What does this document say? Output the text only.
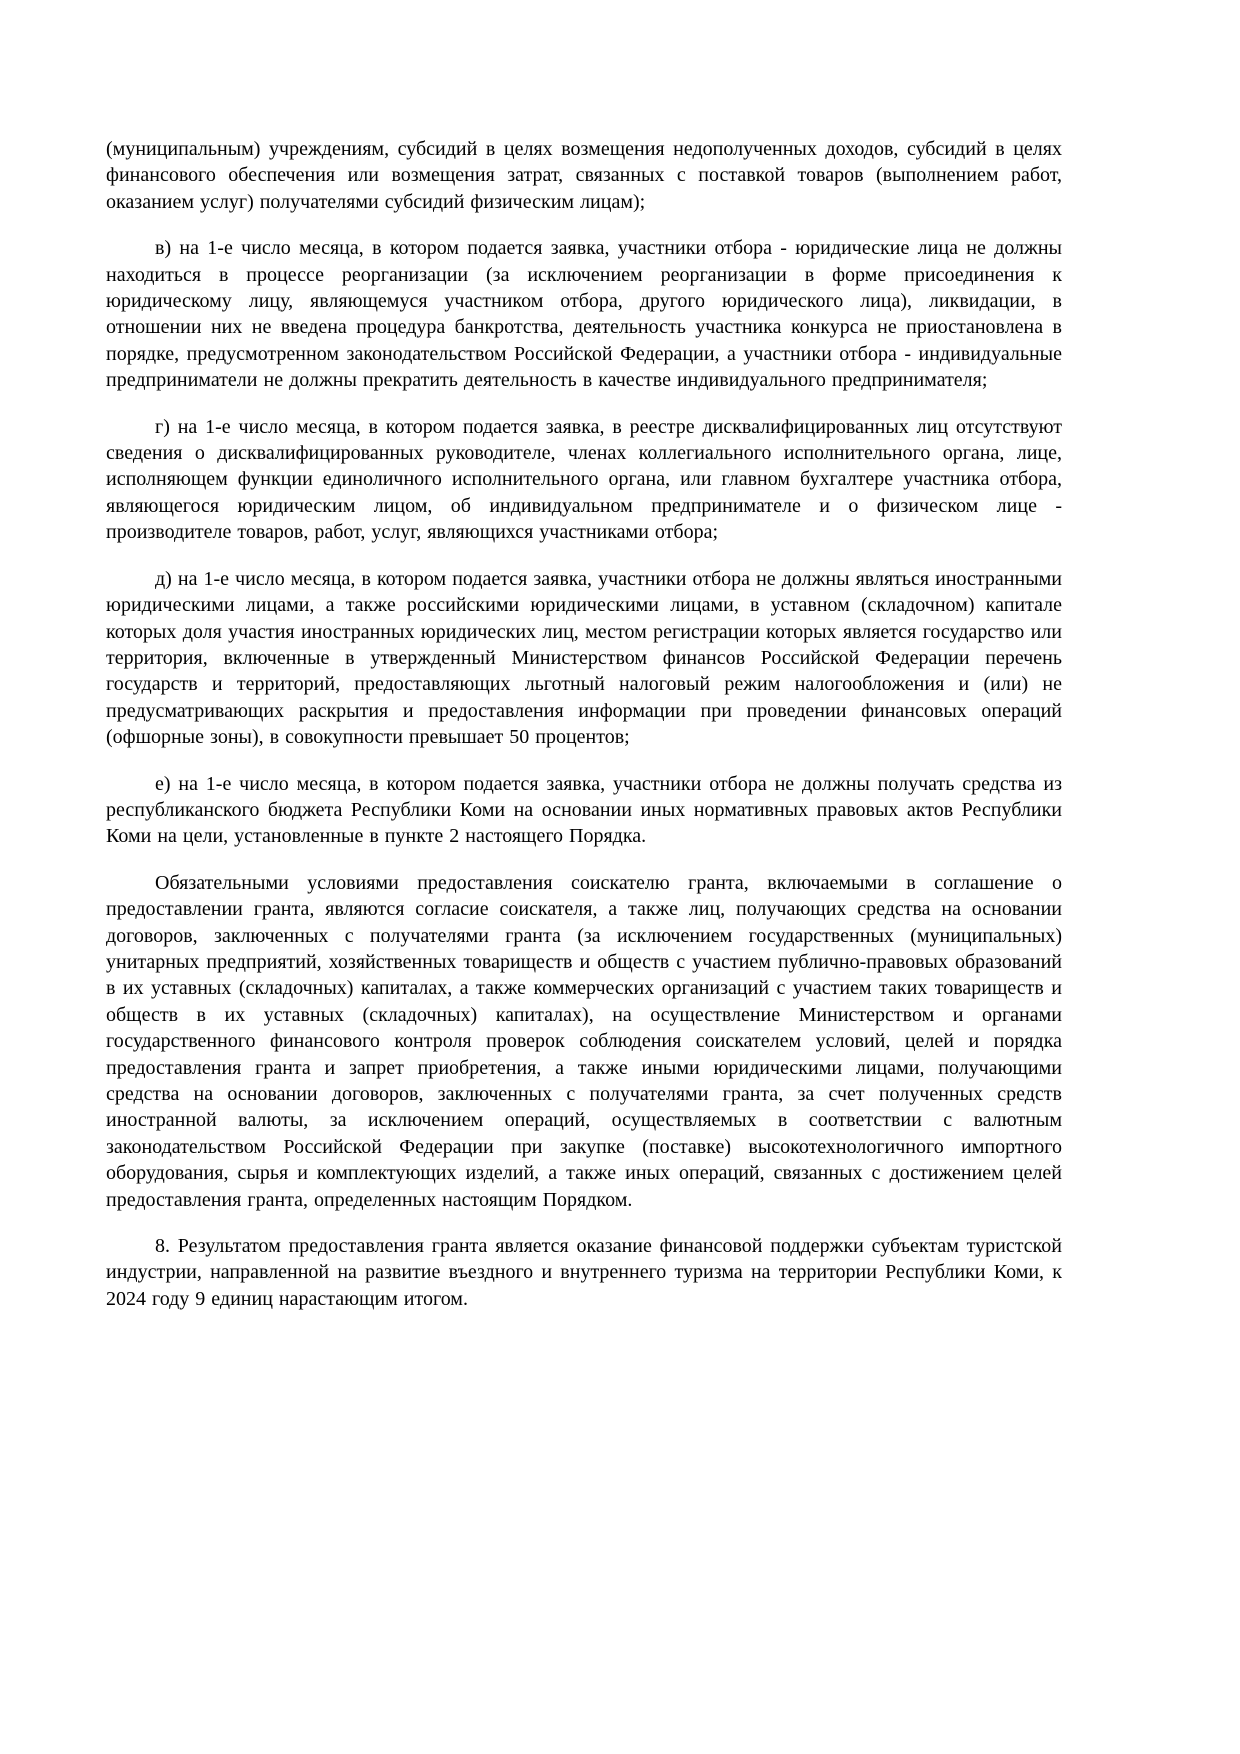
(муниципальным) учреждениям, субсидий в целях возмещения недополученных доходов, субсидий в целях финансового обеспечения или возмещения затрат, связанных с поставкой товаров (выполнением работ, оказанием услуг) получателями субсидий физическим лицам);

в) на 1-е число месяца, в котором подается заявка, участники отбора - юридические лица не должны находиться в процессе реорганизации (за исключением реорганизации в форме присоединения к юридическому лицу, являющемуся участником отбора, другого юридического лица), ликвидации, в отношении них не введена процедура банкротства, деятельность участника конкурса не приостановлена в порядке, предусмотренном законодательством Российской Федерации, а участники отбора - индивидуальные предприниматели не должны прекратить деятельность в качестве индивидуального предпринимателя;

г) на 1-е число месяца, в котором подается заявка, в реестре дисквалифицированных лиц отсутствуют сведения о дисквалифицированных руководителе, членах коллегиального исполнительного органа, лице, исполняющем функции единоличного исполнительного органа, или главном бухгалтере участника отбора, являющегося юридическим лицом, об индивидуальном предпринимателе и о физическом лице - производителе товаров, работ, услуг, являющихся участниками отбора;

д) на 1-е число месяца, в котором подается заявка, участники отбора не должны являться иностранными юридическими лицами, а также российскими юридическими лицами, в уставном (складочном) капитале которых доля участия иностранных юридических лиц, местом регистрации которых является государство или территория, включенные в утвержденный Министерством финансов Российской Федерации перечень государств и территорий, предоставляющих льготный налоговый режим налогообложения и (или) не предусматривающих раскрытия и предоставления информации при проведении финансовых операций (офшорные зоны), в совокупности превышает 50 процентов;

е) на 1-е число месяца, в котором подается заявка, участники отбора не должны получать средства из республиканского бюджета Республики Коми на основании иных нормативных правовых актов Республики Коми на цели, установленные в пункте 2 настоящего Порядка.

Обязательными условиями предоставления соискателю гранта, включаемыми в соглашение о предоставлении гранта, являются согласие соискателя, а также лиц, получающих средства на основании договоров, заключенных с получателями гранта (за исключением государственных (муниципальных) унитарных предприятий, хозяйственных товариществ и обществ с участием публично-правовых образований в их уставных (складочных) капиталах, а также коммерческих организаций с участием таких товариществ и обществ в их уставных (складочных) капиталах), на осуществление Министерством и органами государственного финансового контроля проверок соблюдения соискателем условий, целей и порядка предоставления гранта и запрет приобретения, а также иными юридическими лицами, получающими средства на основании договоров, заключенных с получателями гранта, за счет полученных средств иностранной валюты, за исключением операций, осуществляемых в соответствии с валютным законодательством Российской Федерации при закупке (поставке) высокотехнологичного импортного оборудования, сырья и комплектующих изделий, а также иных операций, связанных с достижением целей предоставления гранта, определенных настоящим Порядком.

8. Результатом предоставления гранта является оказание финансовой поддержки субъектам туристской индустрии, направленной на развитие въездного и внутреннего туризма на территории Республики Коми, к 2024 году 9 единиц нарастающим итогом.
